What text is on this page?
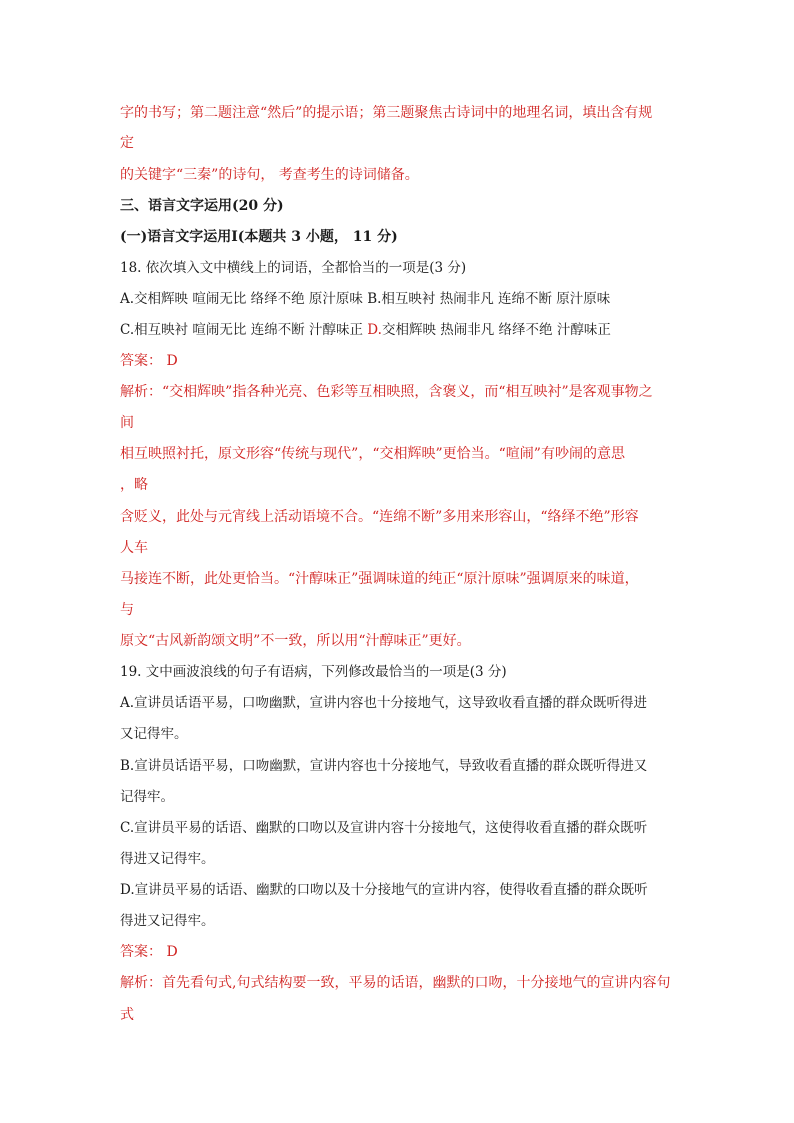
字的书写；第二题注意“然后”的提示语；第三题聚焦古诗词中的地理名词，填出含有规
定
的关键字“三秦”的诗句， 考查考生的诗词储备。
三、语言文字运用(20 分)
(一)语言文字运用Ⅰ(本题共 3 小题， 11 分)
18. 依次填入文中横线上的词语，全都恰当的一项是(3 分)
A.交相辉映 喧闹无比 络绎不绝 原汁原味 B.相互映衬 热闹非凡 连绵不断 原汁原味
C.相互映衬 喧闹无比 连绵不断 汁醇味正 D.交相辉映 热闹非凡 络绎不绝 汁醇味正
答案： D
解析：“交相辉映”指各种光亮、色彩等互相映照，含褒义，而“相互映衬”是客观事物之
间
相互映照衬托，原文形容“传统与现代”，“交相辉映”更恰当。“喧闹”有吵闹的意思
，略
含贬义，此处与元宵线上活动语境不合。“连绵不断”多用来形容山，“络绎不绝”形容
人车
马接连不断，此处更恰当。“汁醇味正”强调味道的纯正“原汁原味”强调原来的味道，
与
原文“古风新韵颂文明”不一致，所以用“汁醇味正”更好。
19. 文中画波浪线的句子有语病，下列修改最恰当的一项是(3 分)
A.宣讲员话语平易，口吻幽默，宣讲内容也十分接地气，这导致收看直播的群众既听得进
又记得牢。
B.宣讲员话语平易，口吻幽默，宣讲内容也十分接地气，导致收看直播的群众既听得进又
记得牢。
C.宣讲员平易的话语、幽默的口吻以及宣讲内容十分接地气，这使得收看直播的群众既听
得进又记得牢。
D.宣讲员平易的话语、幽默的口吻以及十分接地气的宣讲内容，使得收看直播的群众既听
得进又记得牢。
答案： D
解析：首先看句式,句式结构要一致，平易的话语，幽默的口吻，十分接地气的宣讲内容句
式
